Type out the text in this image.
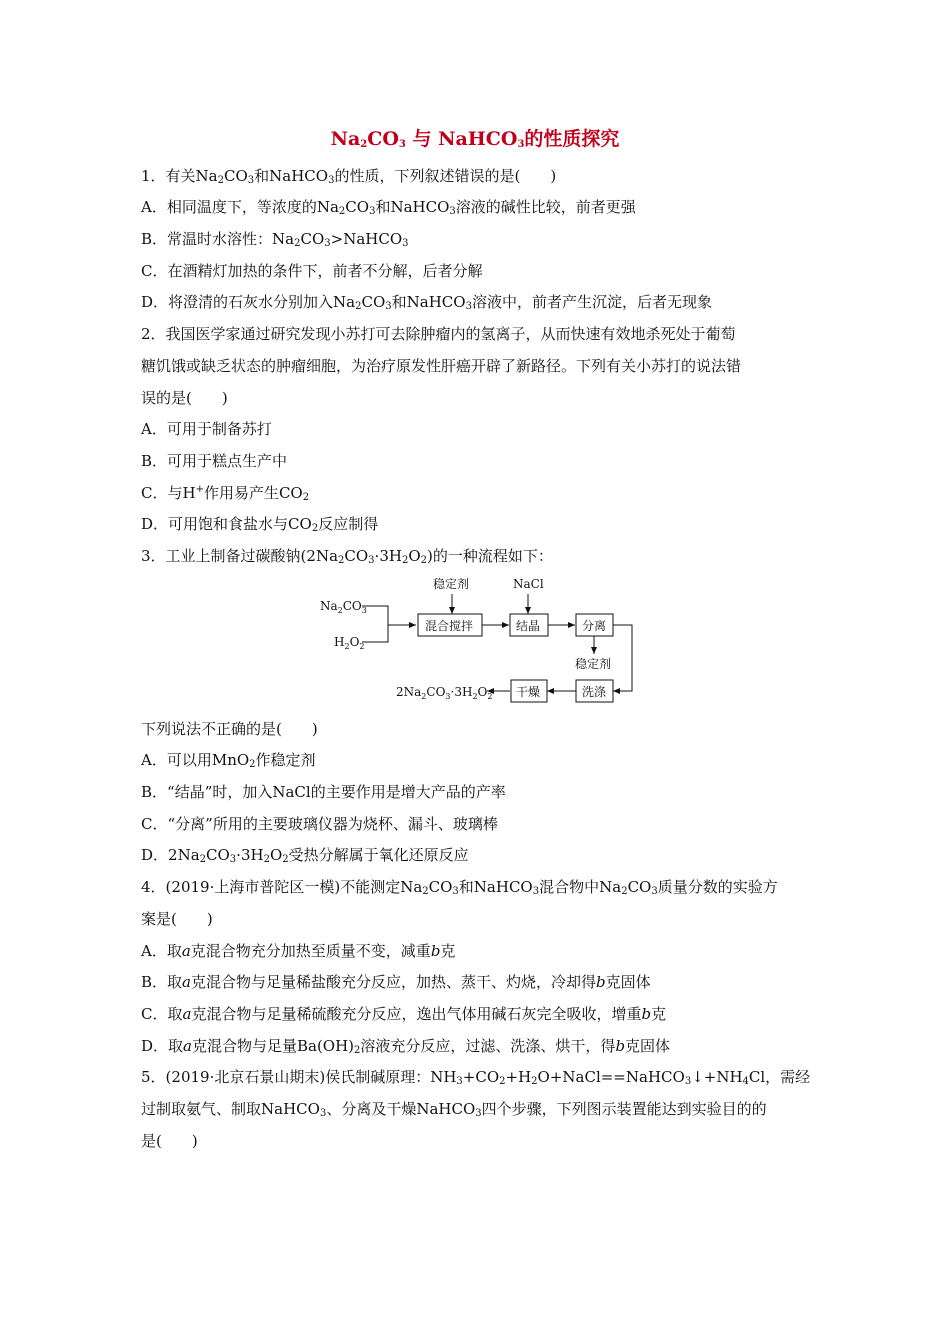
$Na_2CO_3$ 与 NaHCO$_3$的性质探究
1．有关$Na_2CO_3$和NaHCO$_3$的性质，下列叙述错误的是(　　)
A．相同温度下，等浓度的$Na_2CO_3$和NaHCO$_3$溶液的碱性比较，前者更强
B．常温时水溶性：$Na_2CO_3>NaHCO_3$
C．在酒精灯加热的条件下，前者不分解，后者分解
D．将澄清的石灰水分别加入$Na_2CO_3$和NaHCO$_3$溶液中，前者产生沉淀，后者无现象
2．我国医学家通过研究发现小苏打可去除肿瘤内的氢离子，从而快速有效地杀死处于葡萄
糖饥饿或缺乏状态的肿瘤细胞，为治疗原发性肝癌开辟了新路径。下列有关小苏打的说法错
误的是(　　)
A．可用于制备苏打
B．可用于糕点生产中
C．与H+作用易产生$CO_2$
D．可用饱和食盐水与$CO_2$反应制得
3．工业上制备过碳酸钠$(2Na_2CO_3\cdot 3H_2O_2)$的一种流程如下：
$Na_2CO_3$
$H_2O_2$
稳定剂	NaCl
混合搅拌	结晶	分离
稳定剂
洗涤
干燥
$2Na_2CO_3\cdot 3H_2O_2$
下列说法不正确的是(　　)
A．可以用MnO$_2$作稳定剂
B．“结晶”时，加入NaCl的主要作用是增大产品的产率
C．“分离”所用的主要玻璃仪器为烧杯、漏斗、玻璃棒
D．$2Na_2CO_3\cdot 3H_2O_2$受热分解属于氧化还原反应
4．(2019·上海市普陀区一模)不能测定$Na_2CO_3$和NaHCO$_3$混合物中$Na_2CO_3$质量分数的实验方
案是(　　)
A．取a克混合物充分加热至质量不变，减重b克
B．取a克混合物与足量稀盐酸充分反应，加热、蒸干、灼烧，冷却得b克固体
C．取a克混合物与足量稀硫酸充分反应，逸出气体用碱石灰完全吸收，增重b克
D．取a克混合物与足量$Ba(OH)_2$溶液充分反应，过滤、洗涤、烘干，得b克固体
5．(2019·北京石景山期末)侯氏制碱原理：$NH_3+CO_2+H_2O+NaCl==NaHCO_3↓+NH_4Cl$，需经
过制取氨气、制取NaHCO$_3$、分离及干燥NaHCO$_3$四个步骤，下列图示装置能达到实验目的的
是(　　)
